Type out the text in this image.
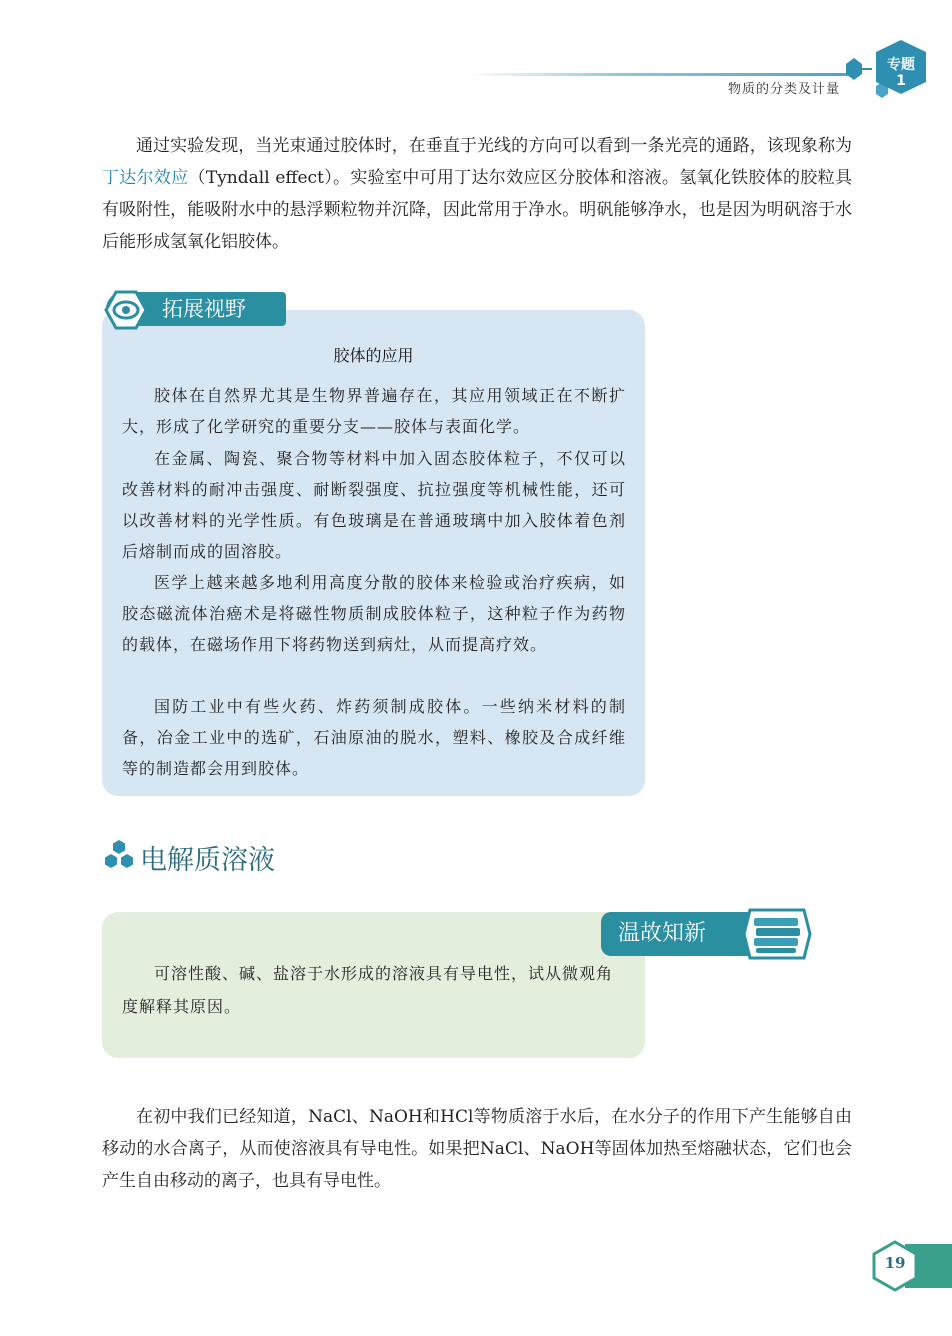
物质的分类及计量
专题
1
通过实验发现，当光束通过胶体时，在垂直于光线的方向可以看到一条光亮的通路，该现象称为丁达尔效应（Tyndall effect）。实验室中可用丁达尔效应区分胶体和溶液。氢氧化铁胶体的胶粒具有吸附性，能吸附水中的悬浮颗粒物并沉降，因此常用于净水。明矾能够净水，也是因为明矾溶于水后能形成氢氧化铝胶体。
拓展视野
胶体的应用
胶体在自然界尤其是生物界普遍存在，其应用领域正在不断扩大，形成了化学研究的重要分支——胶体与表面化学。
在金属、陶瓷、聚合物等材料中加入固态胶体粒子，不仅可以改善材料的耐冲击强度、耐断裂强度、抗拉强度等机械性能，还可以改善材料的光学性质。有色玻璃是在普通玻璃中加入胶体着色剂后熔制而成的固溶胶。
医学上越来越多地利用高度分散的胶体来检验或治疗疾病，如胶态磁流体治癌术是将磁性物质制成胶体粒子，这种粒子作为药物的载体，在磁场作用下将药物送到病灶，从而提高疗效。
国防工业中有些火药、炸药须制成胶体。一些纳米材料的制备，冶金工业中的选矿，石油原油的脱水，塑料、橡胶及合成纤维等的制造都会用到胶体。
电解质溶液
温故知新
可溶性酸、碱、盐溶于水形成的溶液具有导电性，试从微观角度解释其原因。
在初中我们已经知道，NaCl、NaOH和HCl等物质溶于水后，在水分子的作用下产生能够自由移动的水合离子，从而使溶液具有导电性。如果把NaCl、NaOH等固体加热至熔融状态，它们也会产生自由移动的离子，也具有导电性。
19
